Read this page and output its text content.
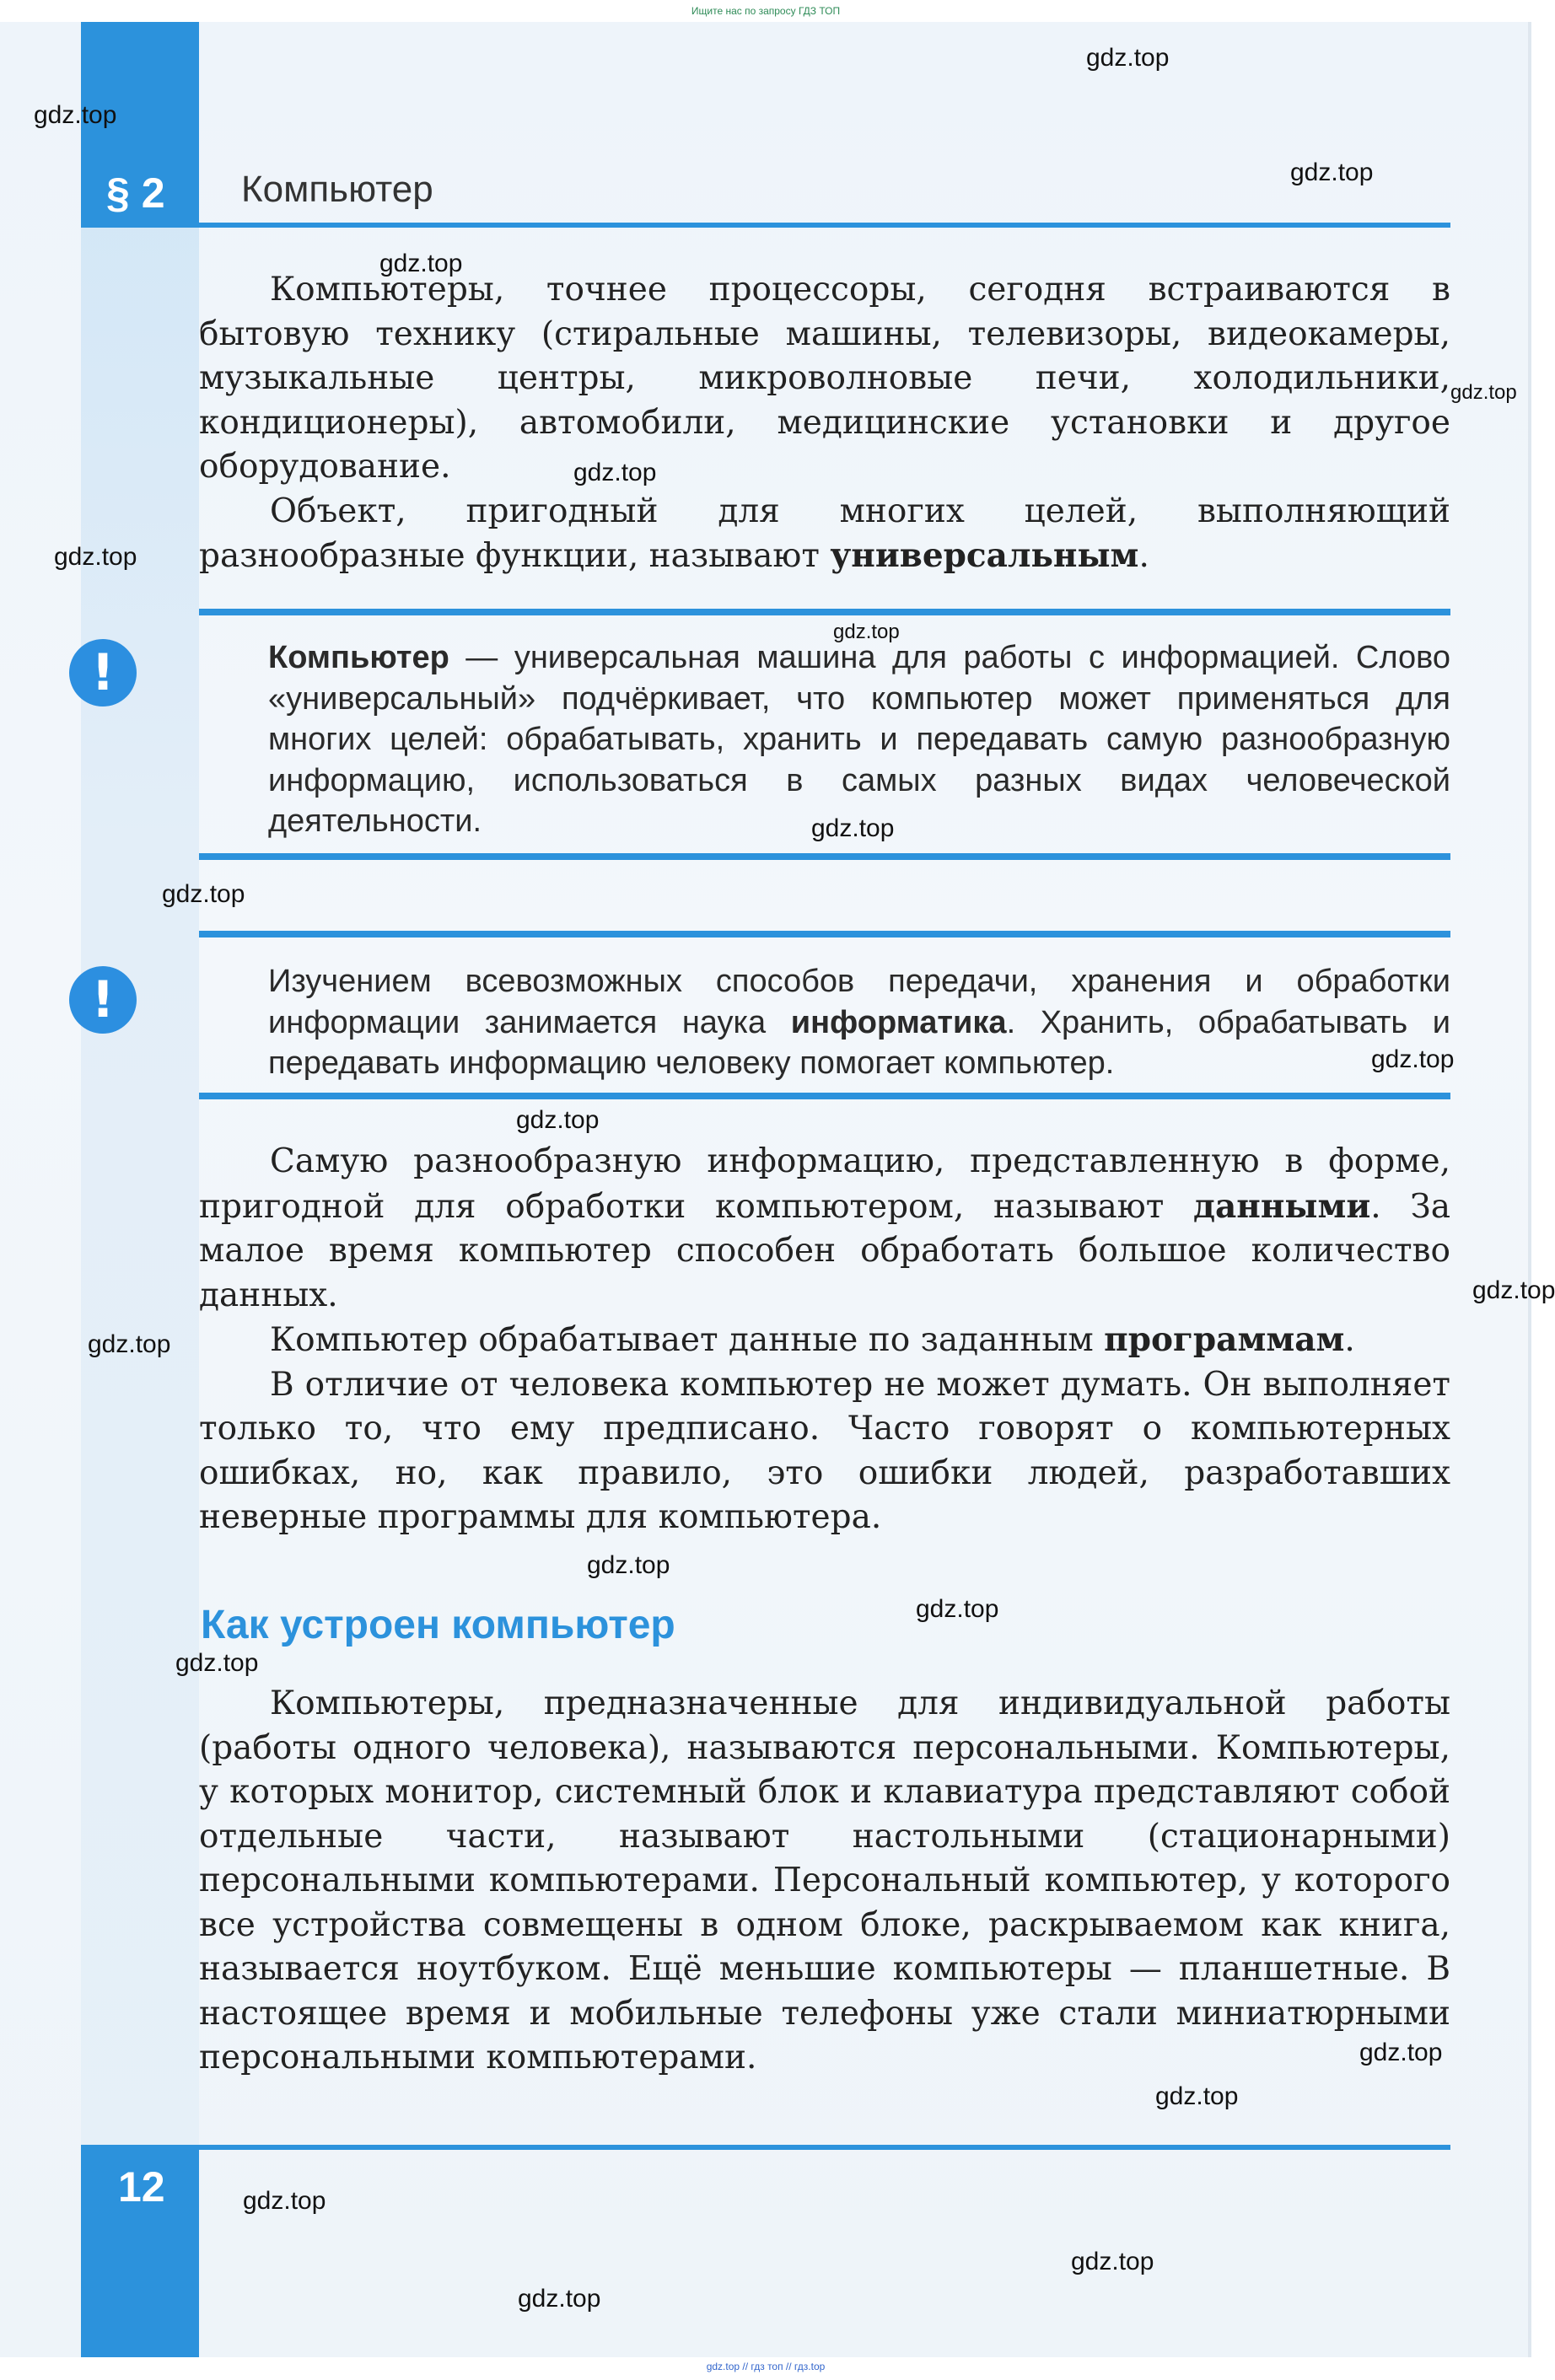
Ищите нас по запросу ГДЗ ТОП
§ 2 Компьютер

Компьютеры, точнее процессоры, сегодня встраиваются в бытовую технику (стиральные машины, телевизоры, видеокамеры, музыкальные центры, микроволновые печи, холодильники, кондиционеры), автомобили, медицинские установки и другое оборудование.

Объект, пригодный для многих целей, выполняющий разнообразные функции, называют универсальным.

!	Компьютер — универсальная машина для работы с информацией. Слово «универсальный» подчёркивает, что компьютер может применяться для многих целей: обрабатывать, хранить и передавать самую разнообразную информацию, использоваться в самых разных видах человеческой деятельности.
!	Изучением всевозможных способов передачи, хранения и обработки информации занимается наука информатика. Хранить, обрабатывать и передавать информацию человеку помогает компьютер.

Самую разнообразную информацию, представленную в форме, пригодной для обработки компьютером, называют данными. За малое время компьютер способен обработать большое количество данных.

Компьютер обрабатывает данные по заданным программам.

В отличие от человека компьютер не может думать. Он выполняет только то, что ему предписано. Часто говорят о компьютерных ошибках, но, как правило, это ошибки людей, разработавших неверные программы для компьютера.

Как устроен компьютер

Компьютеры, предназначенные для индивидуальной работы (работы одного человека), называются персональными. Компьютеры, у которых монитор, системный блок и клавиатура представляют собой отдельные части, называют настольными (стационарными) персональными компьютерами. Персональный компьютер, у которого все устройства совмещены в одном блоке, раскрываемом как книга, называется ноутбуком. Ещё меньшие компьютеры — планшетные. В настоящее время и мобильные телефоны уже стали миниатюрными персональными компьютерами.

12
gdz.top
gdz.top
gdz.top
gdz.top
gdz.top
gdz.top
gdz.top
gdz.top
gdz.top
gdz.top
gdz.top
gdz.top
gdz.top
gdz.top
gdz.top
gdz.top
gdz.top
gdz.top
gdz.top
gdz.top
gdz.top
gdz.top
gdz.top // гдз топ // гдз.top
